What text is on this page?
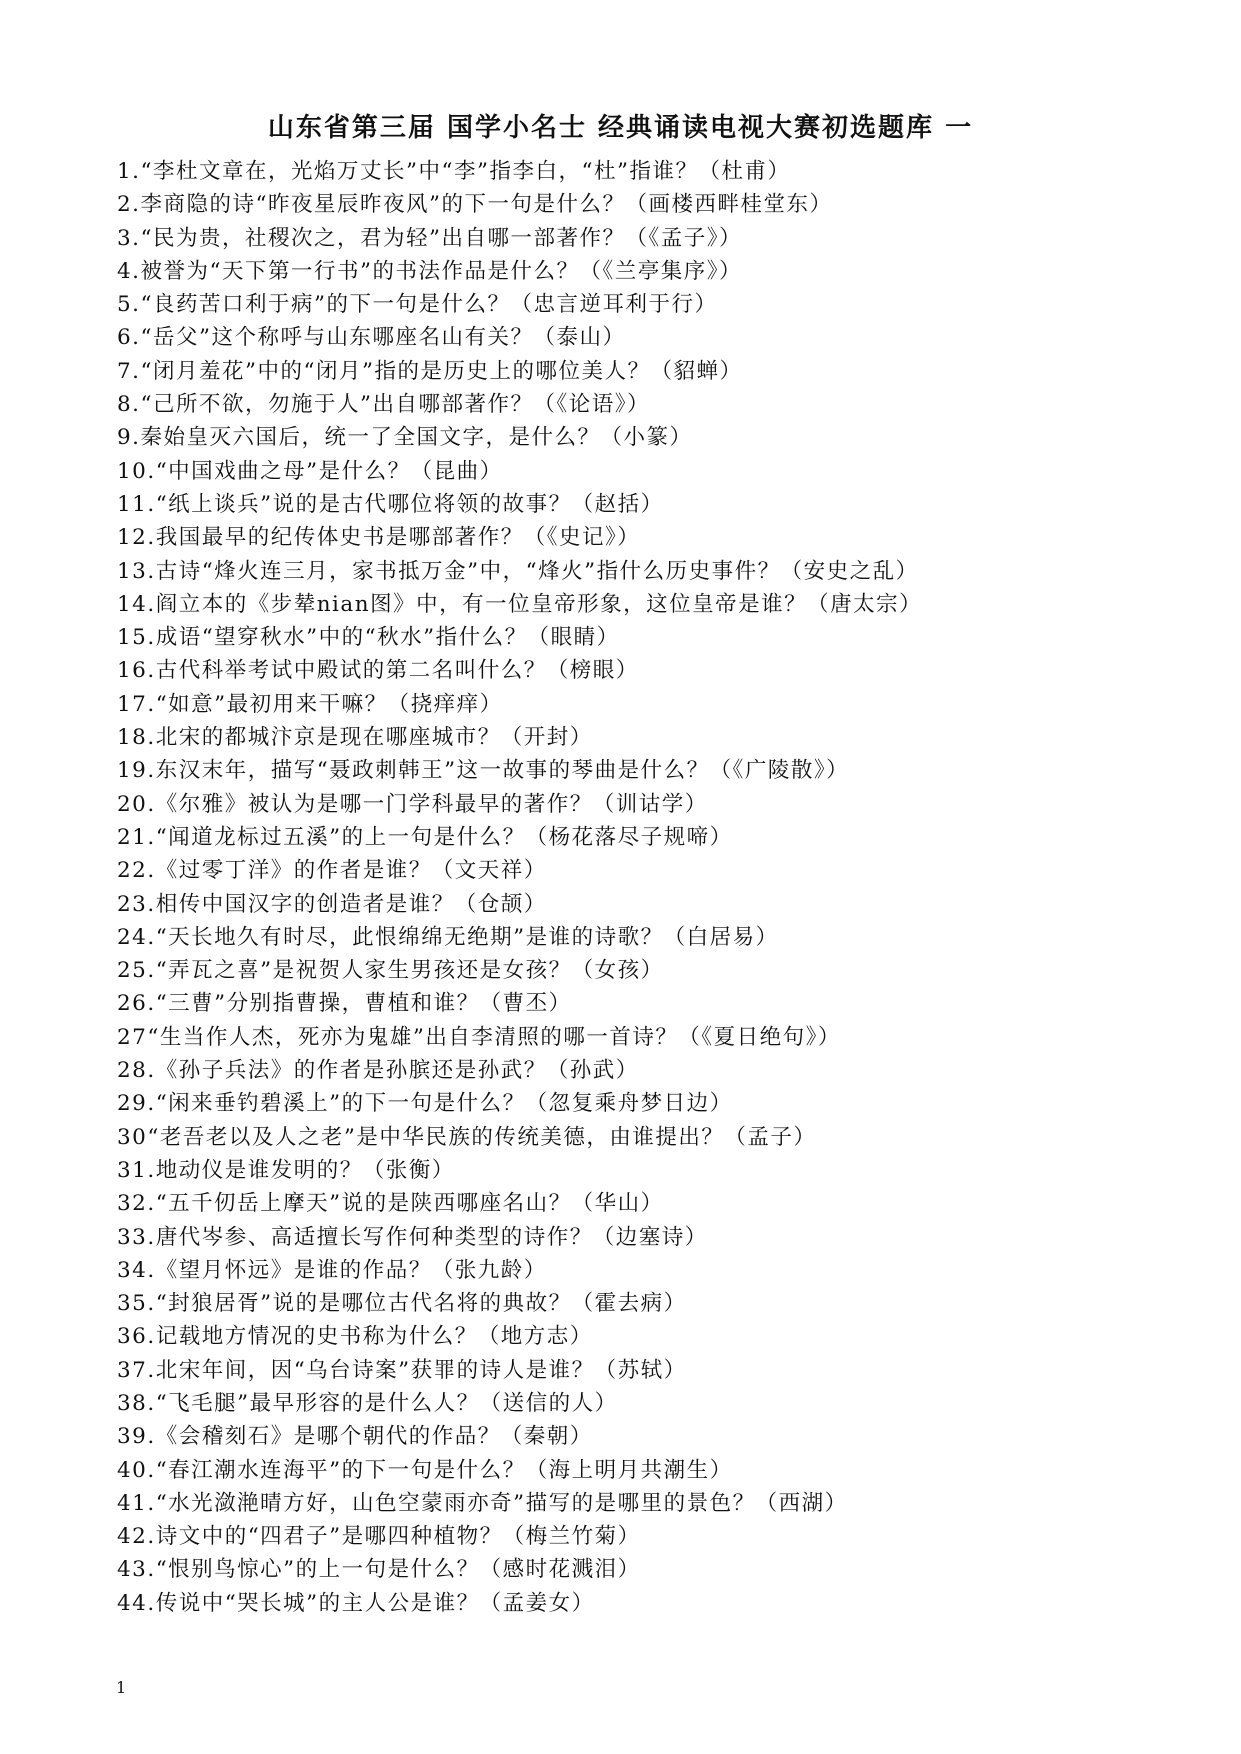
山东省第三届 国学小名士 经典诵读电视大赛初选题库 一
1.“李杜文章在，光焰万丈长”中“李”指李白，“杜”指谁？（杜甫）
2.李商隐的诗“昨夜星辰昨夜风”的下一句是什么？（画楼西畔桂堂东）
3.“民为贵，社稷次之，君为轻”出自哪一部著作？（《孟子》）
4.被誉为“天下第一行书”的书法作品是什么？（《兰亭集序》）
5.“良药苦口利于病”的下一句是什么？（忠言逆耳利于行）
6.“岳父”这个称呼与山东哪座名山有关？（泰山）
7.“闭月羞花”中的“闭月”指的是历史上的哪位美人？（貂蝉）
8.“己所不欲，勿施于人”出自哪部著作？（《论语》）
9.秦始皇灭六国后，统一了全国文字，是什么？（小篆）
10.“中国戏曲之母”是什么？（昆曲）
11.“纸上谈兵”说的是古代哪位将领的故事？（赵括）
12.我国最早的纪传体史书是哪部著作？（《史记》）
13.古诗“烽火连三月，家书抵万金”中，“烽火”指什么历史事件？（安史之乱）
14.阎立本的《步辇nian图》中，有一位皇帝形象，这位皇帝是谁？（唐太宗）
15.成语“望穿秋水”中的“秋水”指什么？（眼睛）
16.古代科举考试中殿试的第二名叫什么？（榜眼）
17.“如意”最初用来干嘛？（挠痒痒）
18.北宋的都城汴京是现在哪座城市？（开封）
19.东汉末年，描写“聂政刺韩王”这一故事的琴曲是什么？（《广陵散》）
20.《尔雅》被认为是哪一门学科最早的著作？（训诂学）
21.“闻道龙标过五溪”的上一句是什么？（杨花落尽子规啼）
22.《过零丁洋》的作者是谁？（文天祥）
23.相传中国汉字的创造者是谁？（仓颉）
24.“天长地久有时尽，此恨绵绵无绝期”是谁的诗歌？（白居易）
25.“弄瓦之喜”是祝贺人家生男孩还是女孩？（女孩）
26.“三曹”分别指曹操，曹植和谁？（曹丕）
27“生当作人杰，死亦为鬼雄”出自李清照的哪一首诗？（《夏日绝句》）
28.《孙子兵法》的作者是孙膑还是孙武？（孙武）
29.“闲来垂钓碧溪上”的下一句是什么？（忽复乘舟梦日边）
30“老吾老以及人之老”是中华民族的传统美德，由谁提出？（孟子）
31.地动仪是谁发明的？（张衡）
32.“五千仞岳上摩天”说的是陕西哪座名山？（华山）
33.唐代岑参、高适擅长写作何种类型的诗作？（边塞诗）
34.《望月怀远》是谁的作品？（张九龄）
35.“封狼居胥”说的是哪位古代名将的典故？（霍去病）
36.记载地方情况的史书称为什么？（地方志）
37.北宋年间，因“乌台诗案”获罪的诗人是谁？（苏轼）
38.“飞毛腿”最早形容的是什么人？（送信的人）
39.《会稽刻石》是哪个朝代的作品？（秦朝）
40.“春江潮水连海平”的下一句是什么？（海上明月共潮生）
41.“水光潋滟晴方好，山色空蒙雨亦奇”描写的是哪里的景色？（西湖）
42.诗文中的“四君子”是哪四种植物？（梅兰竹菊）
43.“恨别鸟惊心”的上一句是什么？（感时花溅泪）
44.传说中“哭长城”的主人公是谁？（孟姜女）
1
